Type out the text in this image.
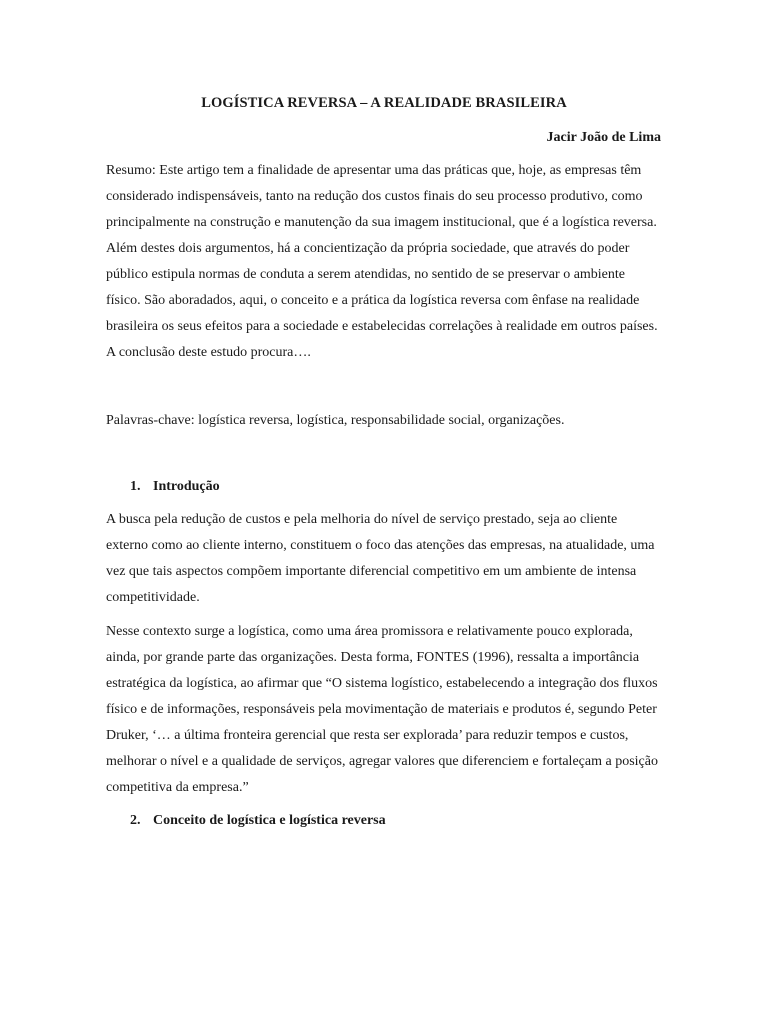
LOGÍSTICA REVERSA – A REALIDADE BRASILEIRA
Jacir João de Lima

Resumo: Este artigo tem a finalidade de apresentar uma das práticas que, hoje, as empresas têm considerado indispensáveis, tanto na redução dos custos finais do seu processo produtivo, como principalmente na construção e manutenção da sua imagem institucional, que é a logística reversa. Além destes dois argumentos, há a concientização da própria sociedade, que através do poder público estipula normas de conduta a serem atendidas, no sentido de se preservar o ambiente físico. São aboradados, aqui, o conceito e a prática da logística reversa com ênfase na realidade brasileira os seus efeitos para a sociedade e estabelecidas correlações à realidade em outros países. A conclusão deste estudo procura….

Palavras-chave: logística reversa, logística, responsabilidade social, organizações.

1. Introdução

A busca pela redução de custos e pela melhoria do nível de serviço prestado, seja ao cliente externo como ao cliente interno, constituem o foco das atenções das empresas, na atualidade, uma vez que tais aspectos compõem importante diferencial competitivo em um ambiente de intensa competitividade.

Nesse contexto surge a logística, como uma área promissora e relativamente pouco explorada, ainda, por grande parte das organizações. Desta forma, FONTES (1996), ressalta a importância estratégica da logística, ao afirmar que “O sistema logístico, estabelecendo a integração dos fluxos físico e de informações, responsáveis pela movimentação de materiais e produtos é, segundo Peter Druker, ‘… a última fronteira gerencial que resta ser explorada’ para reduzir tempos e custos, melhorar o nível e a qualidade de serviços, agregar valores que diferenciem e fortaleçam a posição competitiva da empresa.”

2. Conceito de logística e logística reversa
